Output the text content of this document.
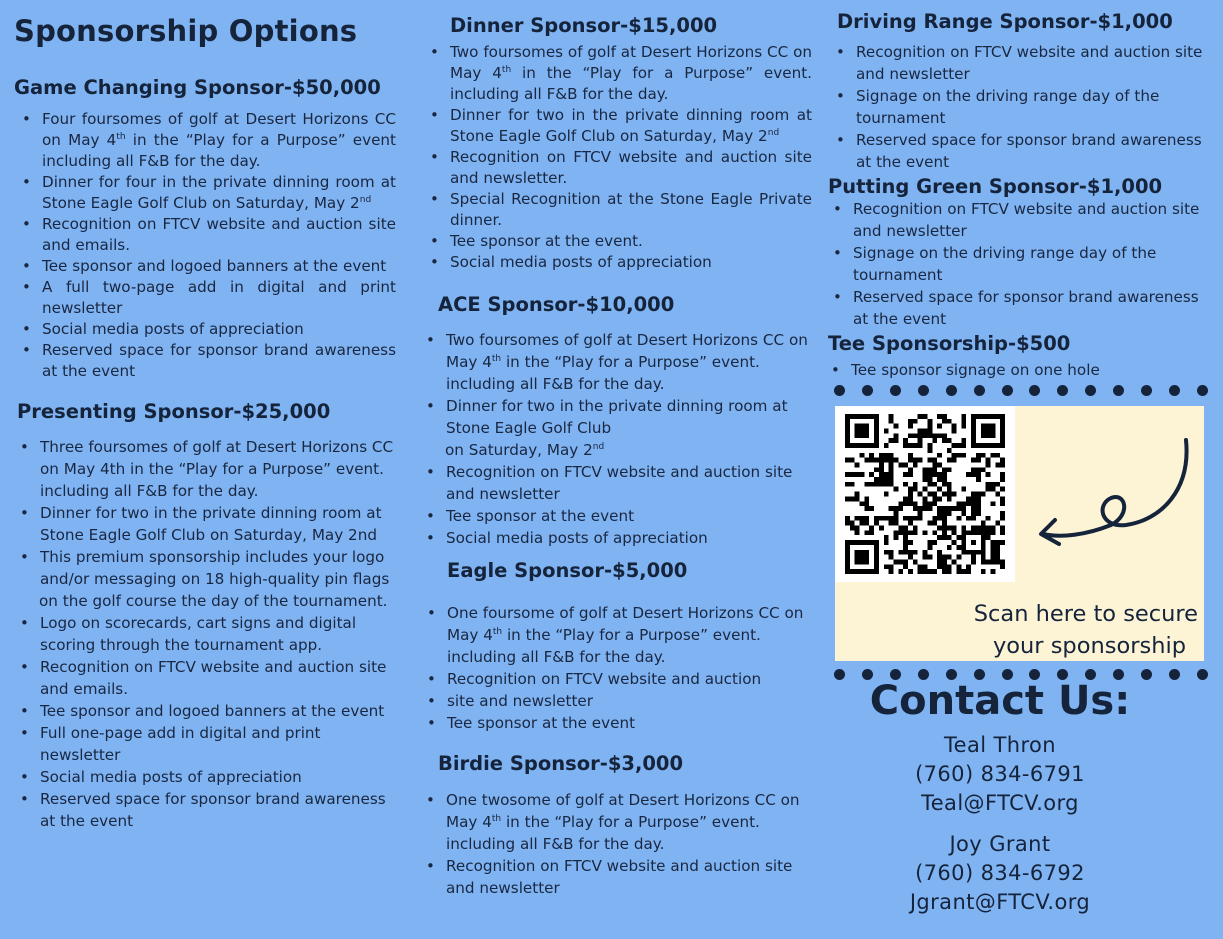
Sponsorship Options
Game Changing Sponsor-$50,000
• Four foursomes of golf at Desert Horizons CC on May 4th in the “Play for a Purpose” event including all F&B for the day.
• Dinner for four in the private dinning room at Stone Eagle Golf Club on Saturday, May 2nd
• Recognition on FTCV website and auction site and emails.
• Tee sponsor and logoed banners at the event
• A full two-page add in digital and print newsletter
• Social media posts of appreciation
• Reserved space for sponsor brand awareness at the event
Presenting Sponsor-$25,000
• Three foursomes of golf at Desert Horizons CC on May 4th in the “Play for a Purpose” event. including all F&B for the day.
• Dinner for two in the private dinning room at Stone Eagle Golf Club on Saturday, May 2nd
• This premium sponsorship includes your logo and/or messaging on 18 high-quality pin flags
on the golf course the day of the tournament.
• Logo on scorecards, cart signs and digital scoring through the tournament app.
• Recognition on FTCV website and auction site and emails.
• Tee sponsor and logoed banners at the event
• Full one-page add in digital and print newsletter
• Social media posts of appreciation
• Reserved space for sponsor brand awareness at the event
Dinner Sponsor-$15,000
• Two foursomes of golf at Desert Horizons CC on May 4th in the “Play for a Purpose” event. including all F&B for the day.
• Dinner for two in the private dinning room at Stone Eagle Golf Club on Saturday, May 2nd
• Recognition on FTCV website and auction site and newsletter.
• Special Recognition at the Stone Eagle Private dinner.
• Tee sponsor at the event.
• Social media posts of appreciation
ACE Sponsor-$10,000
• Two foursomes of golf at Desert Horizons CC on May 4th in the “Play for a Purpose” event. including all F&B for the day.
• Dinner for two in the private dinning room at Stone Eagle Golf Club
on Saturday, May 2nd
• Recognition on FTCV website and auction site and newsletter
• Tee sponsor at the event
• Social media posts of appreciation
Eagle Sponsor-$5,000
• One foursome of golf at Desert Horizons CC on May 4th in the “Play for a Purpose” event. including all F&B for the day.
• Recognition on FTCV website and auction
• site and newsletter
• Tee sponsor at the event
Birdie Sponsor-$3,000
• One twosome of golf at Desert Horizons CC on May 4th in the “Play for a Purpose” event. including all F&B for the day.
• Recognition on FTCV website and auction site and newsletter
Driving Range Sponsor-$1,000
• Recognition on FTCV website and auction site and newsletter
• Signage on the driving range day of the tournament
• Reserved space for sponsor brand awareness at the event
Putting Green Sponsor-$1,000
• Recognition on FTCV website and auction site and newsletter
• Signage on the driving range day of the tournament
• Reserved space for sponsor brand awareness at the event
Tee Sponsorship-$500
• Tee sponsor signage on one hole
Scan here to secure
your sponsorship
Contact Us:
Teal Thron
(760) 834-6791
Teal@FTCV.org
Joy Grant
(760) 834-6792
Jgrant@FTCV.org
